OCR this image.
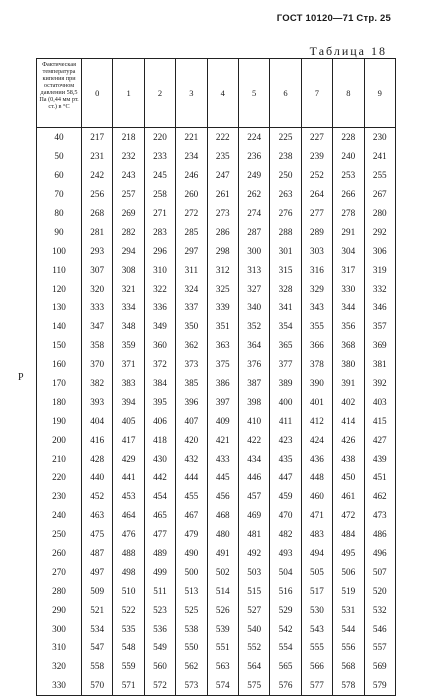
ГОСТ 10120—71 Стр. 25
Таблица 18
Р
Фактическая температура кипения при остаточном давлении 58,5 Па (0,44 мм рт. ст.) в °С	0	1	2	3	4	5	6	7	8	9
40	217	218	220	221	222	224	225	227	228	230
50	231	232	233	234	235	236	238	239	240	241
60	242	243	245	246	247	249	250	252	253	255
70	256	257	258	260	261	262	263	264	266	267
80	268	269	271	272	273	274	276	277	278	280
90	281	282	283	285	286	287	288	289	291	292
100	293	294	296	297	298	300	301	303	304	306
110	307	308	310	311	312	313	315	316	317	319
120	320	321	322	324	325	327	328	329	330	332
130	333	334	336	337	339	340	341	343	344	346
140	347	348	349	350	351	352	354	355	356	357
150	358	359	360	362	363	364	365	366	368	369
160	370	371	372	373	375	376	377	378	380	381
170	382	383	384	385	386	387	389	390	391	392
180	393	394	395	396	397	398	400	401	402	403
190	404	405	406	407	409	410	411	412	414	415
200	416	417	418	420	421	422	423	424	426	427
210	428	429	430	432	433	434	435	436	438	439
220	440	441	442	444	445	446	447	448	450	451
230	452	453	454	455	456	457	459	460	461	462
240	463	464	465	467	468	469	470	471	472	473
250	475	476	477	479	480	481	482	483	484	486
260	487	488	489	490	491	492	493	494	495	496
270	497	498	499	500	502	503	504	505	506	507
280	509	510	511	513	514	515	516	517	519	520
290	521	522	523	525	526	527	529	530	531	532
300	534	535	536	538	539	540	542	543	544	546
310	547	548	549	550	551	552	554	555	556	557
320	558	559	560	562	563	564	565	566	568	569
330	570	571	572	573	574	575	576	577	578	579
